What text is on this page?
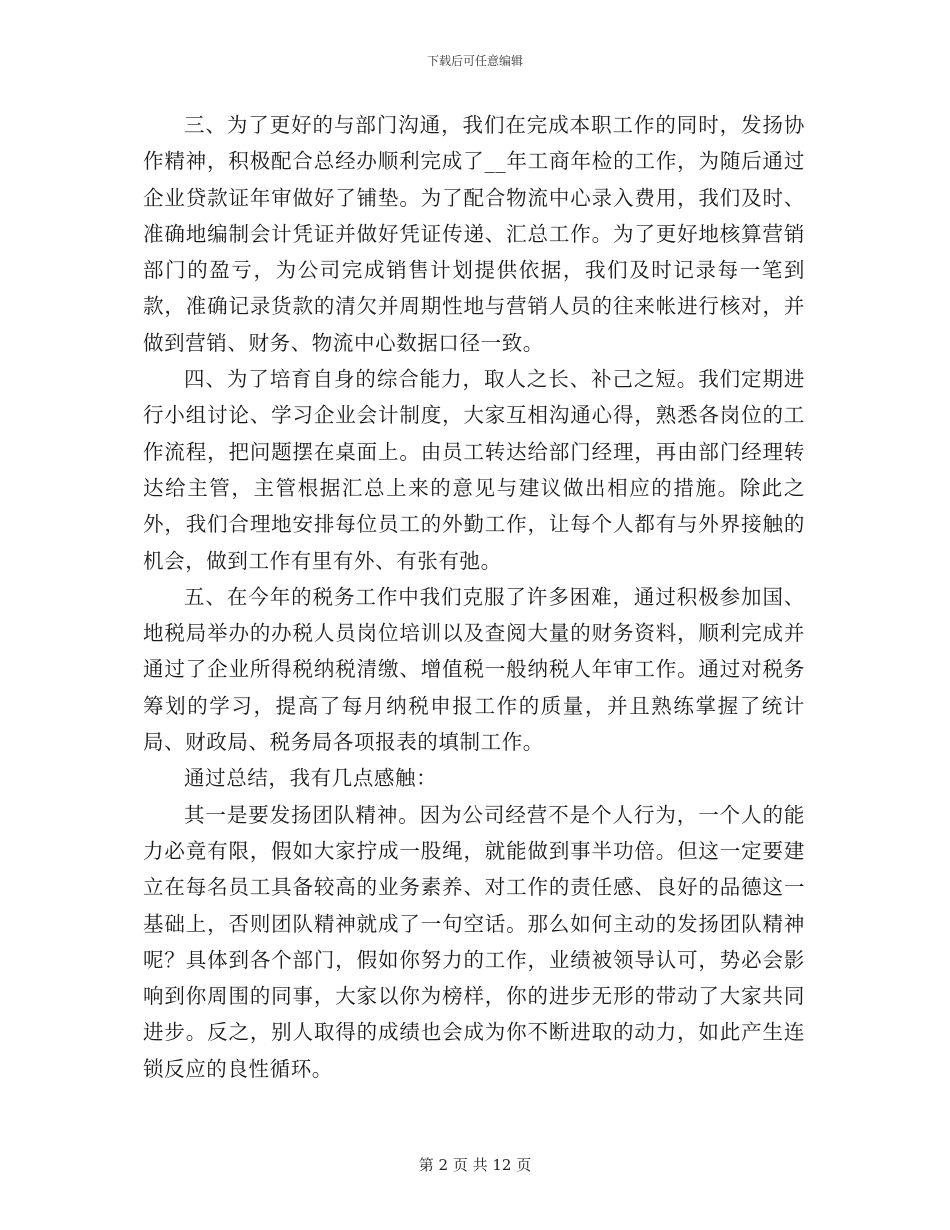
下载后可任意编辑

三、为了更好的与部门沟通，我们在完成本职工作的同时，发扬协作精神，积极配合总经办顺利完成了__年工商年检的工作，为随后通过企业贷款证年审做好了铺垫。为了配合物流中心录入费用，我们及时、准确地编制会计凭证并做好凭证传递、汇总工作。为了更好地核算营销部门的盈亏，为公司完成销售计划提供依据，我们及时记录每一笔到款，准确记录货款的清欠并周期性地与营销人员的往来帐进行核对，并做到营销、财务、物流中心数据口径一致。

四、为了培育自身的综合能力，取人之长、补己之短。我们定期进行小组讨论、学习企业会计制度，大家互相沟通心得，熟悉各岗位的工作流程，把问题摆在桌面上。由员工转达给部门经理，再由部门经理转达给主管，主管根据汇总上来的意见与建议做出相应的措施。除此之外，我们合理地安排每位员工的外勤工作，让每个人都有与外界接触的机会，做到工作有里有外、有张有弛。

五、在今年的税务工作中我们克服了许多困难，通过积极参加国、地税局举办的办税人员岗位培训以及查阅大量的财务资料，顺利完成并通过了企业所得税纳税清缴、增值税一般纳税人年审工作。通过对税务筹划的学习，提高了每月纳税申报工作的质量，并且熟练掌握了统计局、财政局、税务局各项报表的填制工作。

通过总结，我有几点感触：

其一是要发扬团队精神。因为公司经营不是个人行为，一个人的能力必竟有限，假如大家拧成一股绳，就能做到事半功倍。但这一定要建立在每名员工具备较高的业务素养、对工作的责任感、良好的品德这一基础上，否则团队精神就成了一句空话。那么如何主动的发扬团队精神呢？具体到各个部门，假如你努力的工作，业绩被领导认可，势必会影响到你周围的同事，大家以你为榜样，你的进步无形的带动了大家共同进步。反之，别人取得的成绩也会成为你不断进取的动力，如此产生连锁反应的良性循环。

第 2 页 共 12 页
